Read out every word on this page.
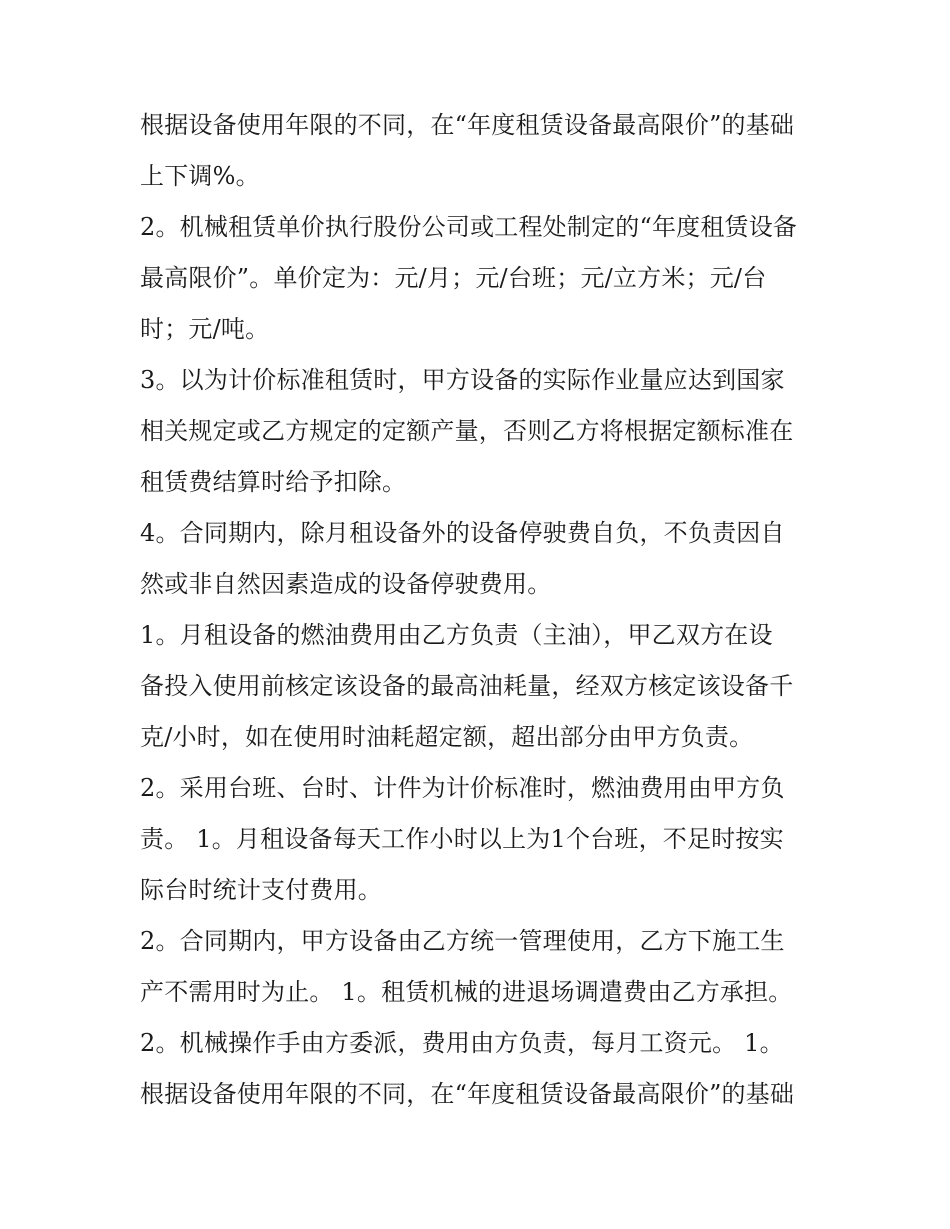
根据设备使用年限的不同，在“年度租赁设备最高限价”的基础
上下调%。
2。机械租赁单价执行股份公司或工程处制定的“年度租赁设备
最高限价”。单价定为：元/月；元/台班；元/立方米；元/台
时；元/吨。
3。以为计价标准租赁时，甲方设备的实际作业量应达到国家
相关规定或乙方规定的定额产量，否则乙方将根据定额标准在
租赁费结算时给予扣除。
4。合同期内，除月租设备外的设备停驶费自负，不负责因自
然或非自然因素造成的设备停驶费用。
1。月租设备的燃油费用由乙方负责（主油），甲乙双方在设
备投入使用前核定该设备的最高油耗量，经双方核定该设备千
克/小时，如在使用时油耗超定额，超出部分由甲方负责。
2。采用台班、台时、计件为计价标准时，燃油费用由甲方负
责。 1。月租设备每天工作小时以上为1个台班，不足时按实
际台时统计支付费用。
2。合同期内，甲方设备由乙方统一管理使用，乙方下施工生
产不需用时为止。 1。租赁机械的进退场调遣费由乙方承担。
2。机械操作手由方委派，费用由方负责，每月工资元。 1。
根据设备使用年限的不同，在“年度租赁设备最高限价”的基础
